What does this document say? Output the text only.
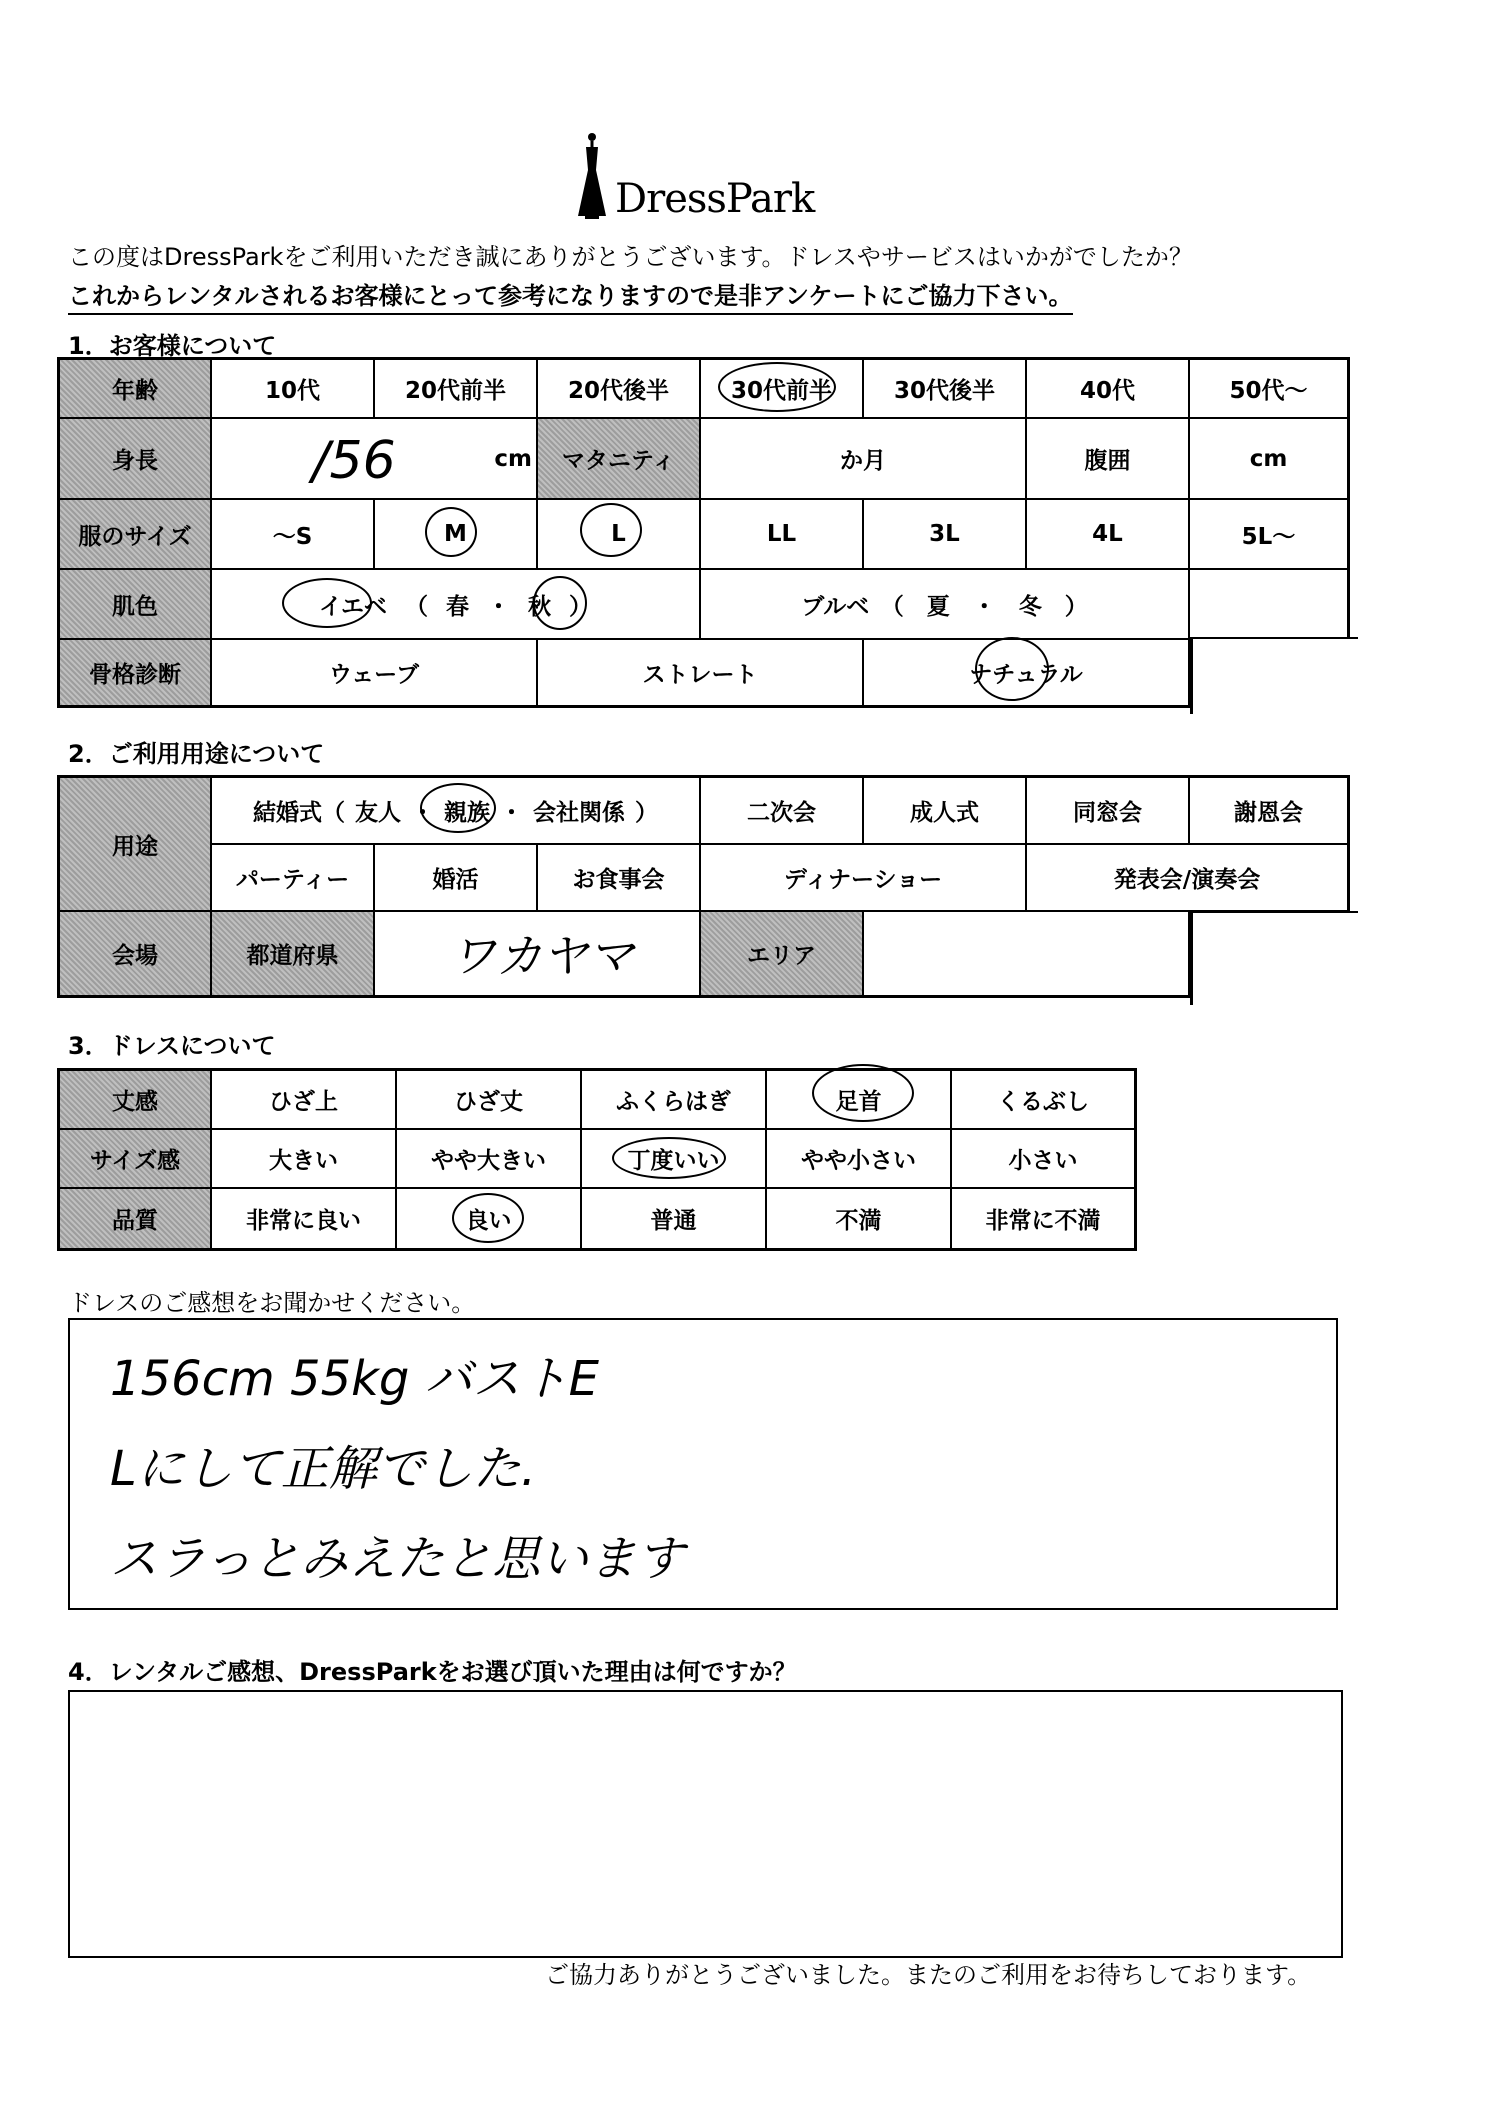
DressPark
この度はDressParkをご利用いただき誠にありがとうございます。ドレスやサービスはいかがでしたか？
これからレンタルされるお客様にとって参考になりますので是非アンケートにご協力下さい。
1．お客様について
年齢	10代	20代前半	20代後半	30代前半	30代後半	40代	50代～
身長	/56	cm	マタニティ	か月	腹囲	cm
服のサイズ	～S	M	L	LL	3L	4L	5L～
肌色	イエベ （ 春 ・ 秋 ）	ブルベ　（　夏　・　冬　）
骨格診断	ウェーブ	ストレート	ナチュラル
2．ご利用用途について
用途
結婚式（ 友人 ・ 親族 ・ 会社関係 ）	二次会	成人式	同窓会	謝恩会
パーティー	婚活	お食事会	ディナーショー	発表会/演奏会
会場	都道府県	ワカヤマ	エリア
3．ドレスについて
丈感	ひざ上	ひざ丈	ふくらはぎ	足首	くるぶし
サイズ感	大きい	やや大きい	丁度いい	やや小さい	小さい
品質	非常に良い	良い	普通	不満	非常に不満
ドレスのご感想をお聞かせください。
156cm 55kg バストE
Lにして正解でした.
スラっとみえたと思います
4．レンタルご感想、DressParkをお選び頂いた理由は何ですか？
ご協力ありがとうございました。またのご利用をお待ちしております。
